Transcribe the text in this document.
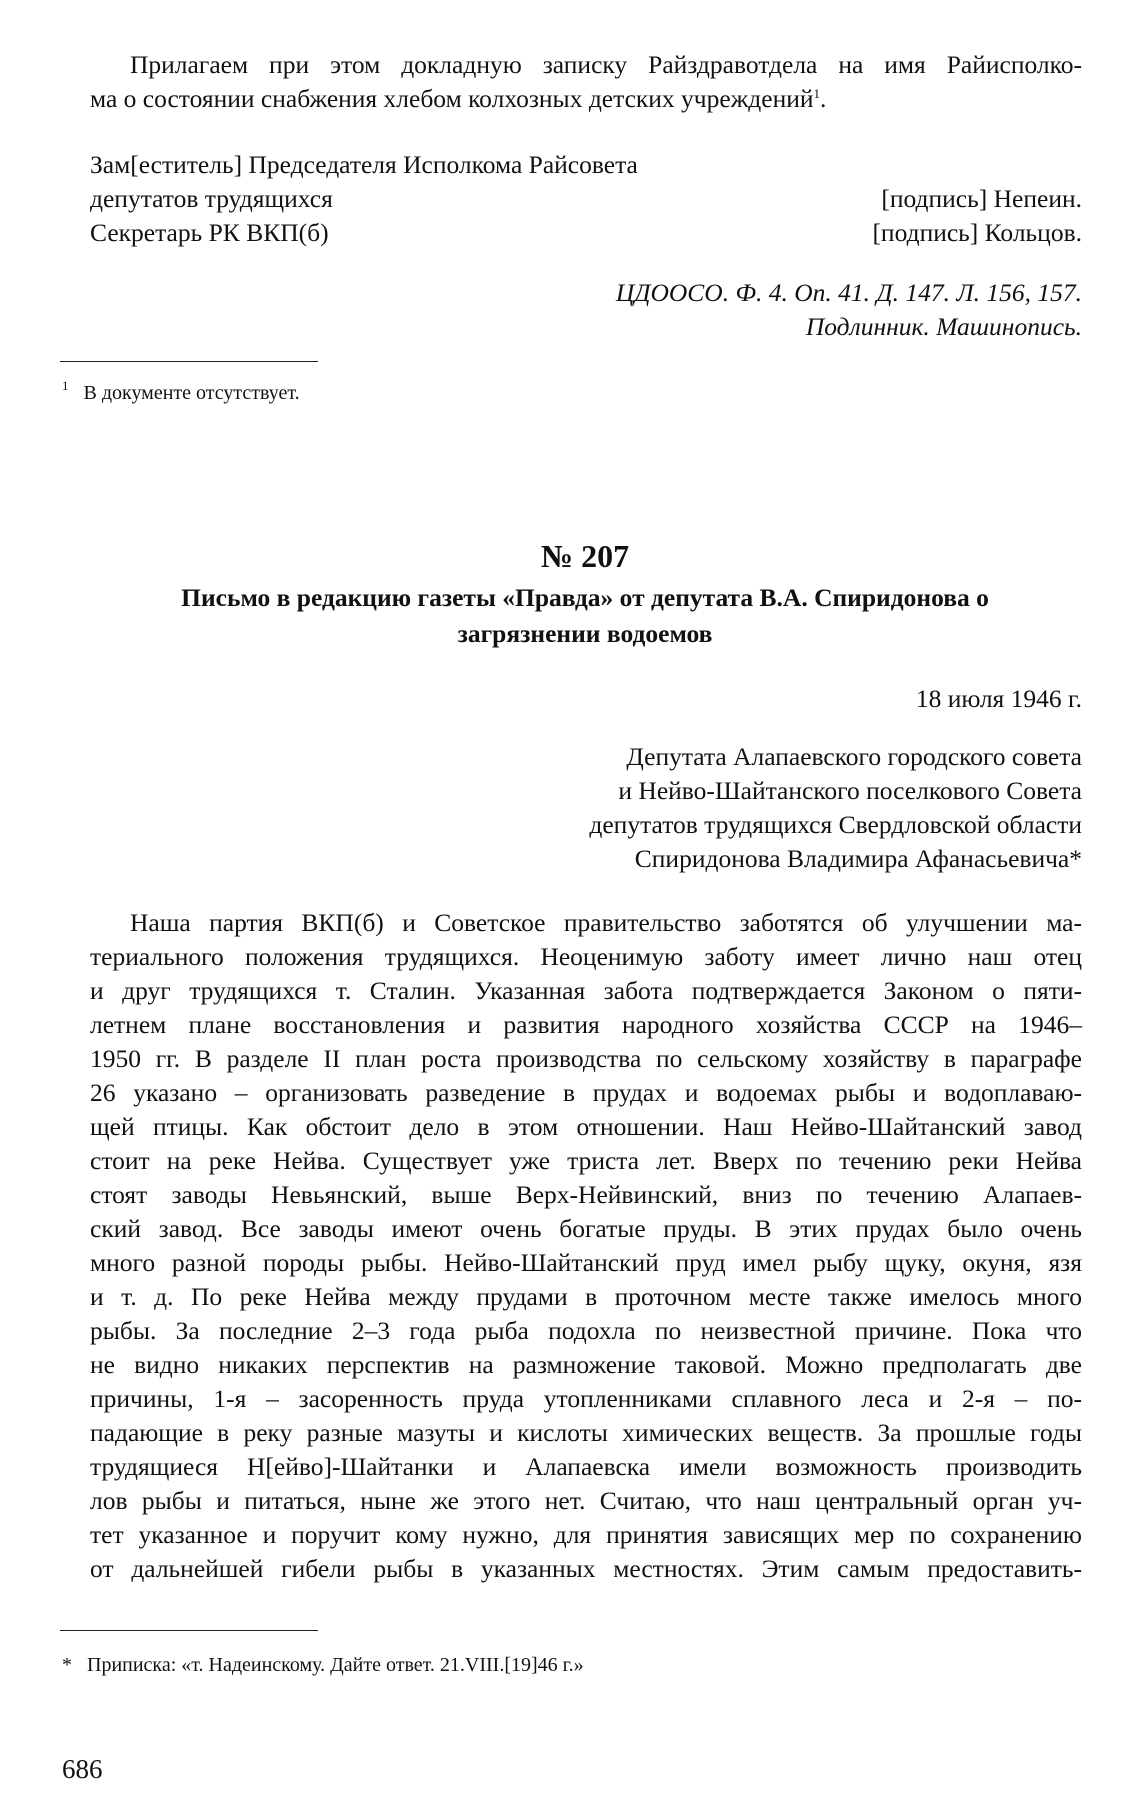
Прилагаем при этом докладную записку Райздравотдела на имя Райисполко-

ма о состоянии снабжения хлебом колхозных детских учреждений$^1$.

Зам[еститель] Председателя Исполкома Райсовета
депутатов трудящихся	[подпись] Непеин.
Секретарь РК ВКП(б)	[подпись] Кольцов.
ЦДООСО. Ф. 4. Оп. 41. Д. 147. Л. 156, 157.
Подлинник. Машинопись.
$^1$ В документе отсутствует.
№ 207
Письмо в редакцию газеты «Правда» от депутата В.А. Спиридонова о
загрязнении водоемов
18 июля 1946 г.
Депутата Алапаевского городского совета
и Нейво-Шайтанского поселкового Совета
депутатов трудящихся Свердловской области
Спиридонова Владимира Афанасьевича*

Наша партия ВКП(б) и Советское правительство заботятся об улучшении ма-

териального положения трудящихся. Неоценимую заботу имеет лично наш отец

и друг трудящихся т. Сталин. Указанная забота подтверждается Законом о пяти-

летнем плане восстановления и развития народного хозяйства СССР на 1946–

1950 гг. В разделе II план роста производства по сельскому хозяйству в параграфе

26 указано – организовать разведение в прудах и водоемах рыбы и водоплаваю-

щей птицы. Как обстоит дело в этом отношении. Наш Нейво-Шайтанский завод

стоит на реке Нейва. Существует уже триста лет. Вверх по течению реки Нейва

стоят заводы Невьянский, выше Верх-Нейвинский, вниз по течению Алапаев-

ский завод. Все заводы имеют очень богатые пруды. В этих прудах было очень

много разной породы рыбы. Нейво-Шайтанский пруд имел рыбу щуку, окуня, язя

и т. д. По реке Нейва между прудами в проточном месте также имелось много

рыбы. За последние 2–3 года рыба подохла по неизвестной причине. Пока что

не видно никаких перспектив на размножение таковой. Можно предполагать две

причины, 1-я – засоренность пруда утопленниками сплавного леса и 2-я – по-

падающие в реку разные мазуты и кислоты химических веществ. За прошлые годы

трудящиеся Н[ейво]-Шайтанки и Алапаевска имели возможность производить

лов рыбы и питаться, ныне же этого нет. Считаю, что наш центральный орган уч-

тет указанное и поручит кому нужно, для принятия зависящих мер по сохранению

от дальнейшей гибели рыбы в указанных местностях. Этим самым предоставить-

* Приписка: «т. Надеинскому. Дайте ответ. 21.VIII.[19]46 г.»
686
